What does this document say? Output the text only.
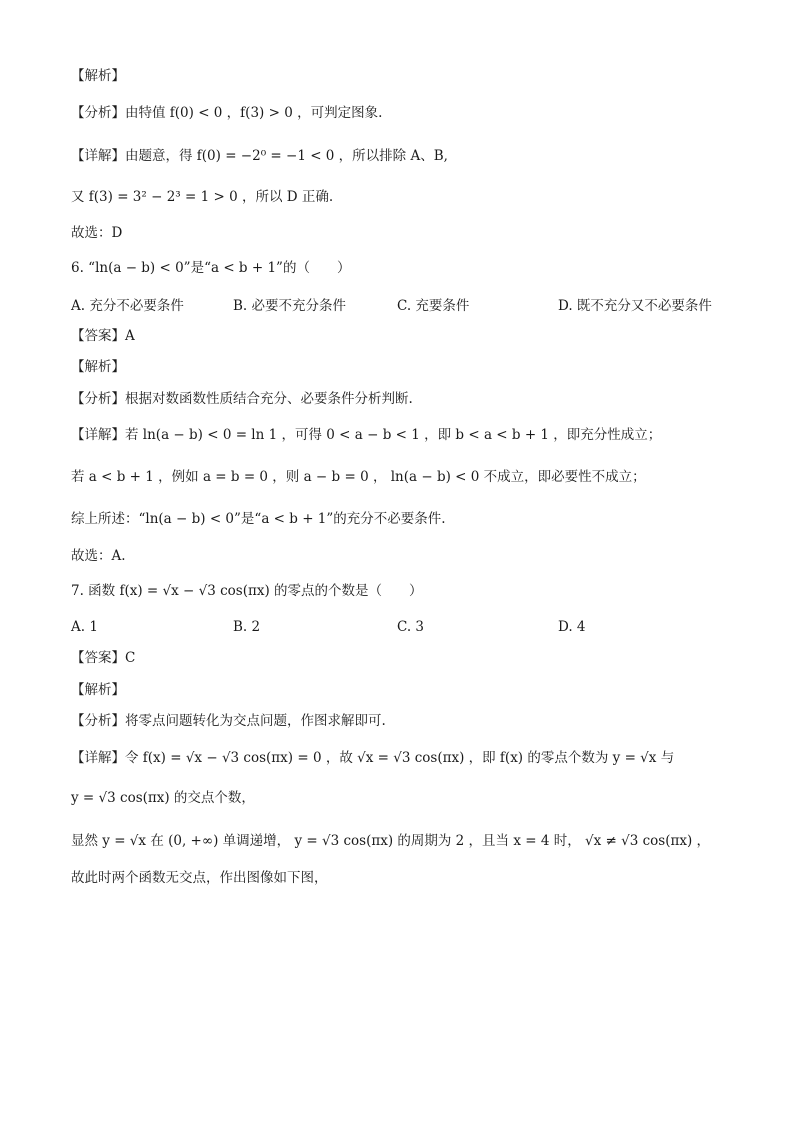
【解析】
【分析】由特值 f(0) < 0 ，f(3) > 0 ，可判定图象.
【详解】由题意，得 f(0) = −2⁰ = −1 < 0 ，所以排除 A、B,
又 f(3) = 3² − 2³ = 1 > 0 ，所以 D 正确.
故选：D
6. “ln(a − b) < 0”是“a < b + 1”的（　　）
A. 充分不必要条件	B. 必要不充分条件	C. 充要条件	D. 既不充分又不必要条件
【答案】A
【解析】
【分析】根据对数函数性质结合充分、必要条件分析判断.
【详解】若 ln(a − b) < 0 = ln 1 ，可得 0 < a − b < 1 ，即 b < a < b + 1 ，即充分性成立；
若 a < b + 1 ，例如 a = b = 0 ，则 a − b = 0 ， ln(a − b) < 0 不成立，即必要性不成立；
综上所述：“ln(a − b) < 0”是“a < b + 1”的充分不必要条件.
故选：A.
7. 函数 f(x) = √x − √3 cos(πx) 的零点的个数是（　　）
A. 1	B. 2	C. 3	D. 4
【答案】C
【解析】
【分析】将零点问题转化为交点问题，作图求解即可.
【详解】令 f(x) = √x − √3 cos(πx) = 0 ，故 √x = √3 cos(πx) ，即 f(x) 的零点个数为 y = √x 与
y = √3 cos(πx) 的交点个数，
显然 y = √x 在 (0, +∞) 单调递增， y = √3 cos(πx) 的周期为 2 ，且当 x = 4 时， √x ≠ √3 cos(πx) ，
故此时两个函数无交点，作出图像如下图，
